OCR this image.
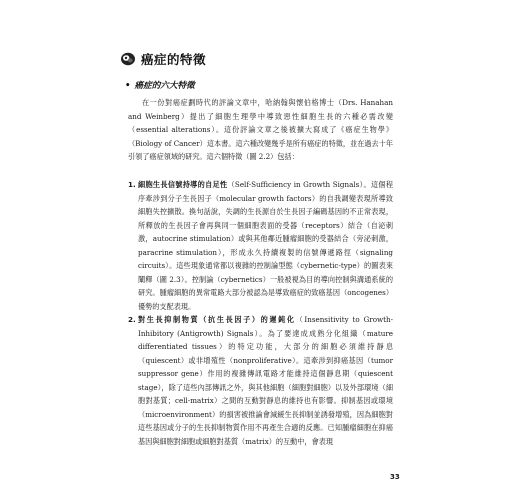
癌症的特徵
• 癌症的六大特徵

在一份對癌症劃時代的評論文章中，哈納翰與懷伯格博士（Drs. Hanahan and Weinberg）提出了細胞生理學中導致惡性細胞生長的六種必需改變（essential alterations）。這份評論文章之後被擴大寫成了《癌症生物學》（Biology of Cancer）這本書。這六種改變幾乎是所有癌症的特徵，並在過去十年引領了癌症領域的研究。這六個特徵（圖 2.2）包括：

1. 細胞生長信號持導的自足性（Self-Sufficiency in Growth Signals）。這個程序牽涉到分子生長因子（molecular growth factors）的自我調變表現所導致細胞失控擴散。換句話說，失調的生長源自於生長因子編碼基因的不正常表現，所釋放的生長因子會再與同一個細胞表面的受器（receptors）結合（自泌刺激，autocrine stimulation）或與其他鄰近腫瘤細胞的受器結合（旁泌刺激，paracrine stimulation），形成永久持續複製的信號傳遞路徑（signaling circuits）。這些現象通常都以複雜的控制論型態（cybernetic-type）的圖表來闡釋（圖 2.3）。控制論（cybernetics）一般被視為目的導向控制與溝通系統的研究。腫瘤細胞的異常電路大部分被認為是導致癌症的致癌基因（oncogenes）優勢的支配表現。
2. 對生長抑制物質（抗生長因子）的遲鈍化（Insensitivity to Growth-Inhibitory (Antigrowth) Signals）。為了要達成成熟分化組織（mature differentiated tissues）的特定功能，大部分的細胞必須維持靜息（quiescent）或非增殖性（nonproliferative）。這牽涉到抑癌基因（tumor suppressor gene）作用的複雜傳訊電路才能維持這個靜息期（quiescent stage），除了這些內部傳訊之外，與其他細胞（細胞對細胞）以及外部環境（細胞對基質；cell-matrix）之間的互動對靜息的維持也有影響。抑制基因或環境（microenvironment）的損害被推論會減緩生長抑制並誘發增殖，因為細胞對這些基因或分子的生長抑制物質作用不再產生合適的反應。已知腫瘤細胞在抑癌基因與細胞對細胞或細胞對基質（matrix）的互動中，會表現
33
